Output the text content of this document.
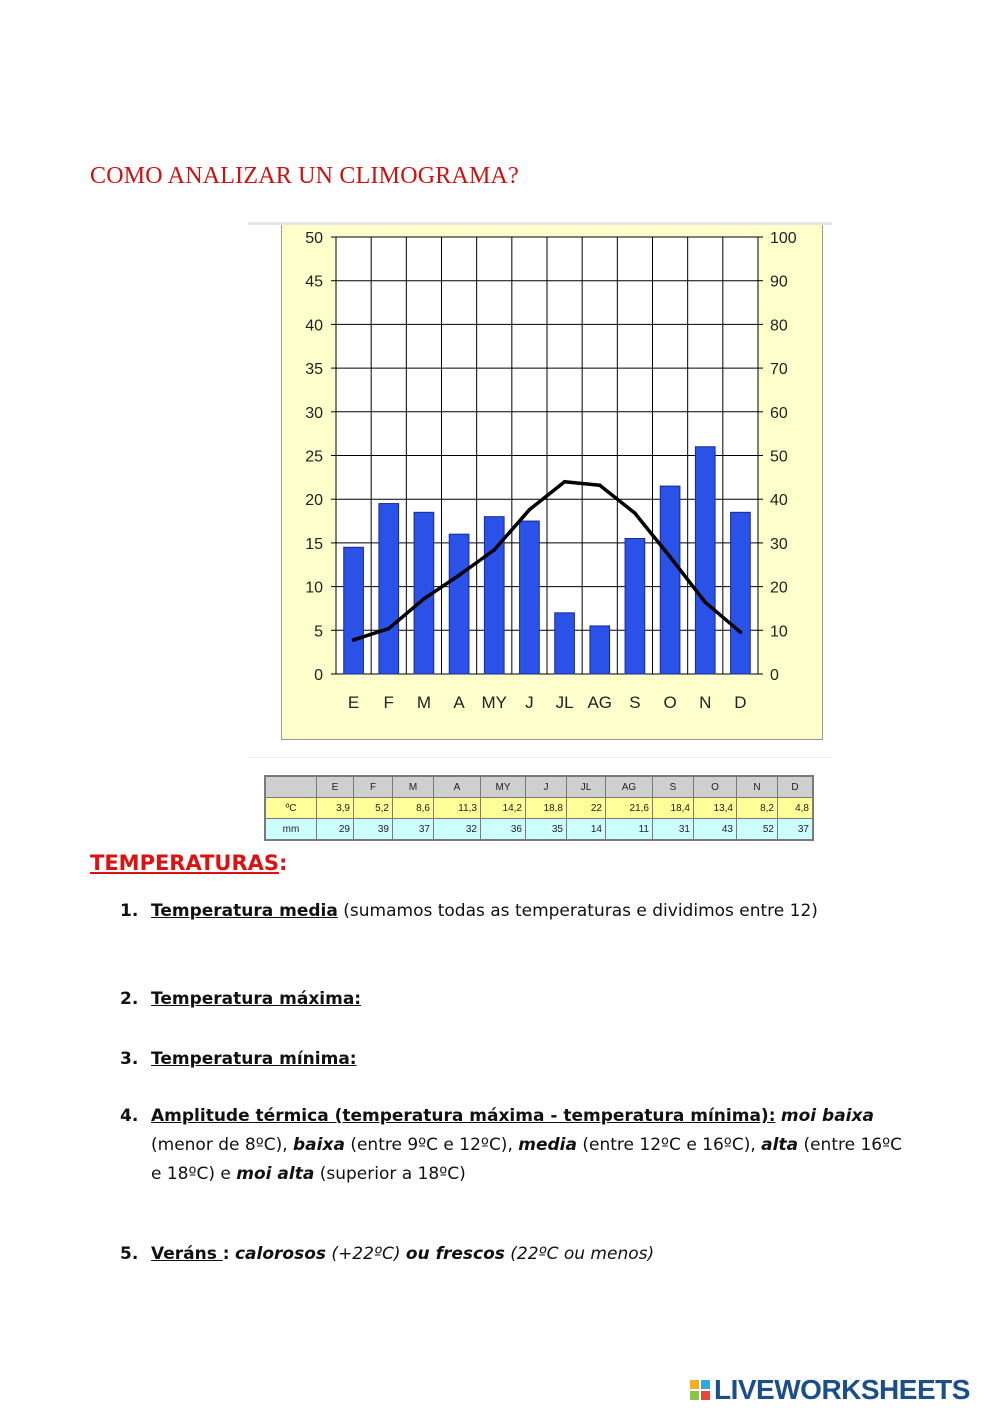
COMO ANALIZAR UN CLIMOGRAMA?
0	0
5	10
10	20
15	30
20	40
25	50
30	60
35	70
40	80
45	90
50	100
E F M A MY J JL AG S O N D
	E	F	M	A	MY	J	JL	AG	S	O	N	D
ºC	3,9	5,2	8,6	11,3	14,2	18,8	22	21,6	18,4	13,4	8,2	4,8
mm	29	39	37	32	36	35	14	11	31	43	52	37
TEMPERATURAS:
1. Temperatura media (sumamos todas as temperaturas e dividimos entre 12)
2. Temperatura máxima:
3. Temperatura mínima:
4. Amplitude térmica (temperatura máxima - temperatura mínima): moi baixa (menor de 8ºC), baixa (entre 9ºC e 12ºC), media (entre 12ºC e 16ºC), alta (entre 16ºC e 18ºC) e moi alta (superior a 18ºC)
5. Veráns : calorosos (+22ºC) ou frescos (22ºC ou menos)
LIVEWORKSHEETS
